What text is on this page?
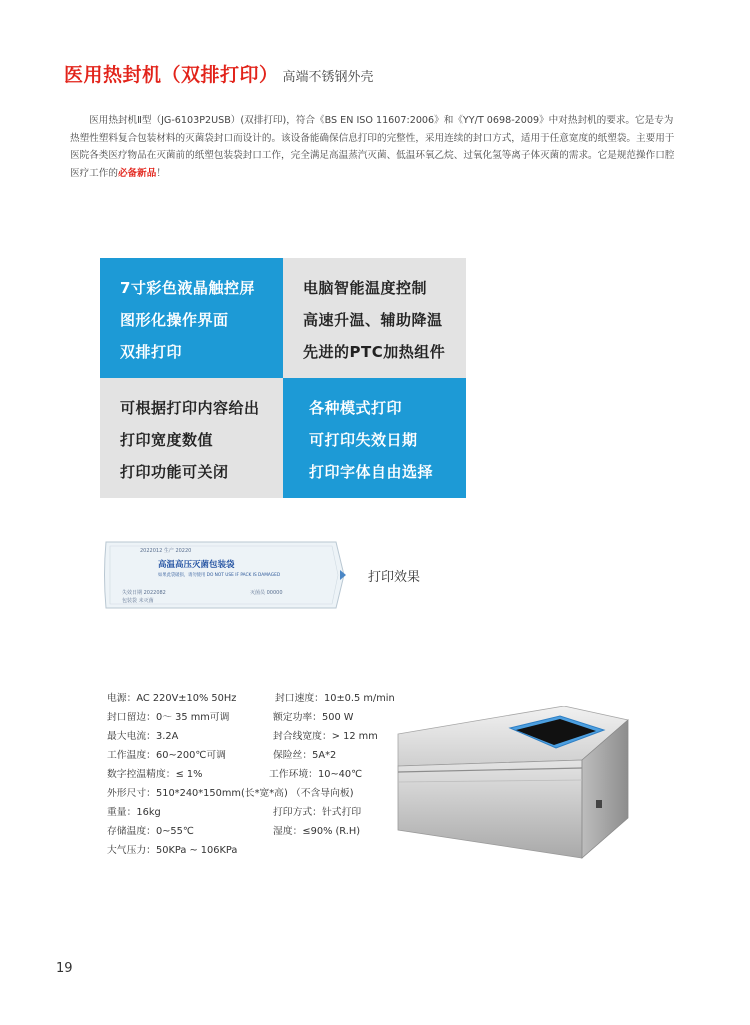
医用热封机（双排打印） 高端不锈钢外壳
医用热封机Ⅱ型（JG-6103P2USB）(双排打印)，符合《BS EN ISO 11607:2006》和《YY/T 0698-2009》中对热封机的要求。它是专为热塑性塑料复合包装材料的灭菌袋封口而设计的。该设备能确保信息打印的完整性，采用连续的封口方式，适用于任意宽度的纸塑袋。主要用于医院各类医疗物品在灭菌前的纸塑包装袋封口工作，完全满足高温蒸汽灭菌、低温环氧乙烷、过氧化氢等离子体灭菌的需求。它是规范操作口腔医疗工作的必备新品！
7寸彩色液晶触控屏
图形化操作界面
双排打印
电脑智能温度控制
高速升温、辅助降温
先进的PTC加热组件
可根据打印内容给出
打印宽度数值
打印功能可关闭
各种模式打印
可打印失效日期
打印字体自由选择
2022012 生产 20220
高温高压灭菌包装袋
如果此袋破损，请勿使用 DO NOT USE IF PACK IS DAMAGED
失效日期 2022082	灭菌员 00000
包装袋 未灭菌
打印效果
电源：AC 220V±10% 50Hz
封口留边：0～ 35 mm可调
最大电流：3.2A
工作温度：60~200℃可调
数字控温精度：≤ 1%
外形尺寸：510*240*150mm(长*宽*高) （不含导向板)
重量：16kg
存储温度：0~55℃
大气压力：50KPa ~ 106KPa
封口速度：10±0.5 m/min
额定功率：500 W
封合线宽度：> 12 mm
保险丝：5A*2
工作环境：10~40℃
打印方式：针式打印
湿度：≤90% (R.H)
19
